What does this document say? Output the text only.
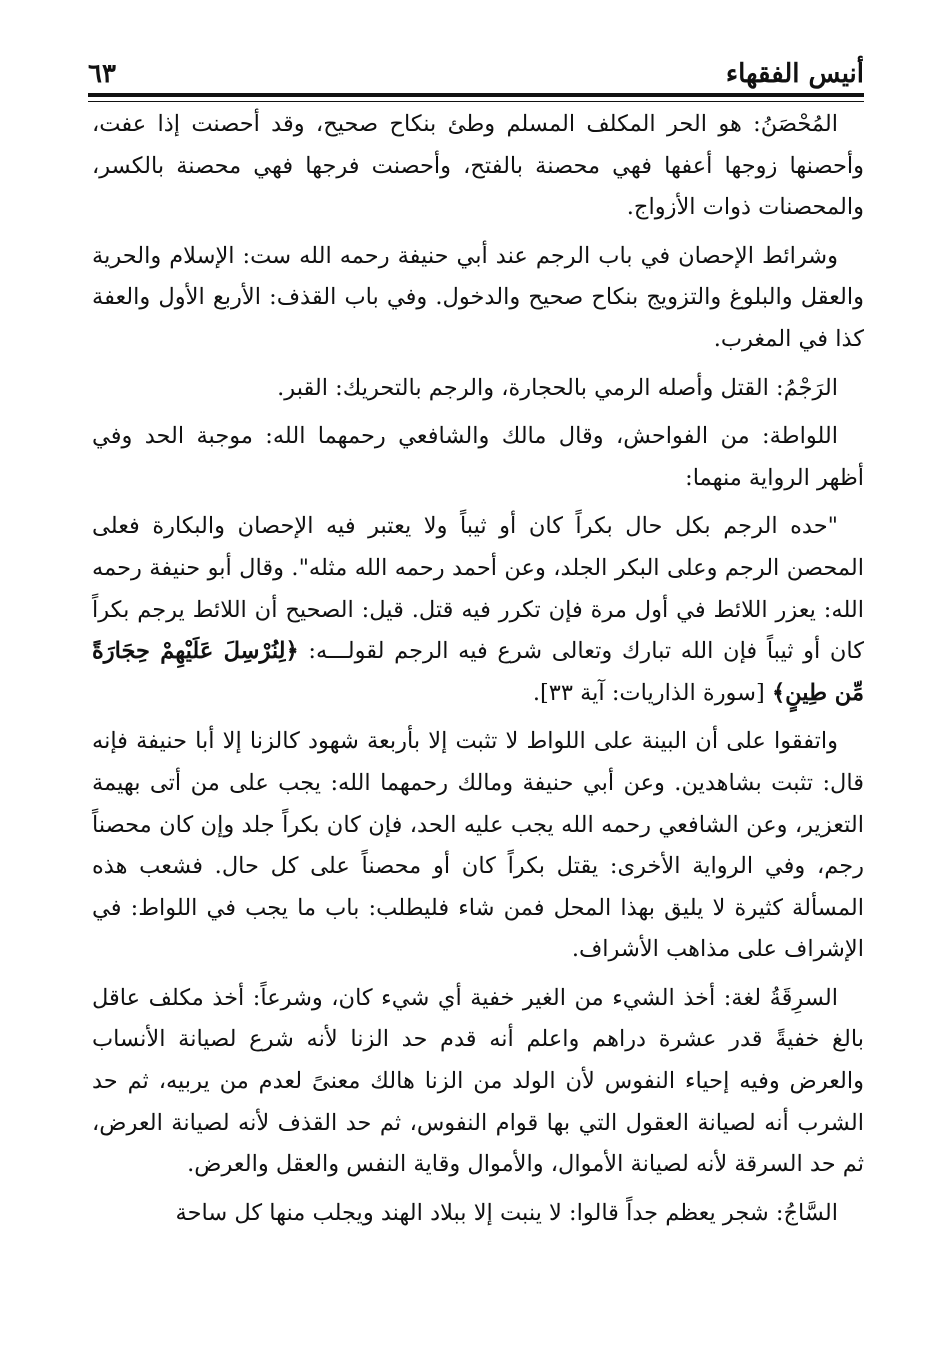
أنيس الفقهاء
٦٣

المُحْصَنُ: هو الحر المكلف المسلم وطئ بنكاح صحيح، وقد أحصنت إذا عفت، وأحصنها زوجها أعفها فهي محصنة بالفتح، وأحصنت فرجها فهي محصنة بالكسر، والمحصنات ذوات الأزواج.

وشرائط الإحصان في باب الرجم عند أبي حنيفة رحمه الله ست: الإسلام والحرية والعقل والبلوغ والتزويج بنكاح صحيح والدخول. وفي باب القذف: الأربع الأول والعفة كذا في المغرب.

الرَجْمُ: القتل وأصله الرمي بالحجارة، والرجم بالتحريك: القبر.

اللواطة: من الفواحش، وقال مالك والشافعي رحمهما الله: موجبة الحد وفي أظهر الرواية منهما:

"حده الرجم بكل حال بكراً كان أو ثيباً ولا يعتبر فيه الإحصان والبكارة فعلى المحصن الرجم وعلى البكر الجلد، وعن أحمد رحمه الله مثله". وقال أبو حنيفة رحمه الله: يعزر اللائط في أول مرة فإن تكرر فيه قتل. قيل: الصحيح أن اللائط يرجم بكراً كان أو ثيباً فإن الله تبارك وتعالى شرع فيه الرجم لقولـــه: ﴿لِنُرْسِلَ عَلَيْهِمْ حِجَارَةً مِّن طِينٍ﴾ [سورة الذاريات: آية ٣٣].

واتفقوا على أن البينة على اللواط لا تثبت إلا بأربعة شهود كالزنا إلا أبا حنيفة فإنه قال: تثبت بشاهدين. وعن أبي حنيفة ومالك رحمهما الله: يجب على من أتى بهيمة التعزير، وعن الشافعي رحمه الله يجب عليه الحد، فإن كان بكراً جلد وإن كان محصناً رجم، وفي الرواية الأخرى: يقتل بكراً كان أو محصناً على كل حال. فشعب هذه المسألة كثيرة لا يليق بهذا المحل فمن شاء فليطلب: باب ما يجب في اللواط: في الإشراف على مذاهب الأشراف.

السرِقَةُ لغة: أخذ الشيء من الغير خفية أي شيء كان، وشرعاً: أخذ مكلف عاقل بالغ خفيةً قدر عشرة دراهم واعلم أنه قدم حد الزنا لأنه شرع لصيانة الأنساب والعرض وفيه إحياء النفوس لأن الولد من الزنا هالك معنىً لعدم من يربيه، ثم حد الشرب أنه لصيانة العقول التي بها قوام النفوس، ثم حد القذف لأنه لصيانة العرض، ثم حد السرقة لأنه لصيانة الأموال، والأموال وقاية النفس والعقل والعرض.

السَّاجُ: شجر يعظم جداً قالوا: لا ينبت إلا ببلاد الهند ويجلب منها كل ساحة
